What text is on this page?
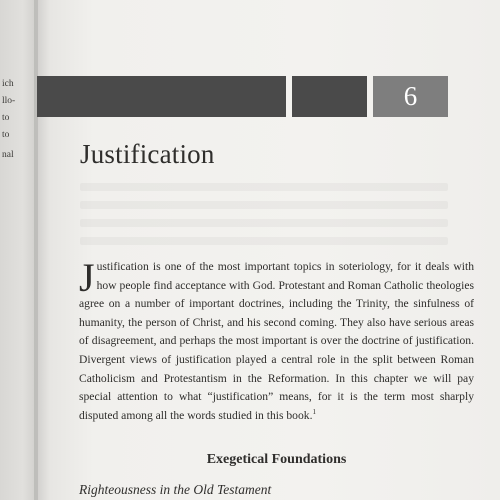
ich
llo-
to
to
nal
6
Justification

Justification is one of the most important topics in soteriology, for it deals with how people find acceptance with God. Protestant and Roman Catholic theologies agree on a number of important doctrines, including the Trinity, the sinfulness of humanity, the person of Christ, and his second coming. They also have serious areas of disagreement, and perhaps the most important is over the doctrine of justification. Divergent views of justification played a central role in the split between Roman Catholicism and Protestantism in the Reformation. In this chapter we will pay special attention to what “justification” means, for it is the term most sharply disputed among all the words studied in this book.$^1$

Exegetical Foundations
Righteousness in the Old Testament
